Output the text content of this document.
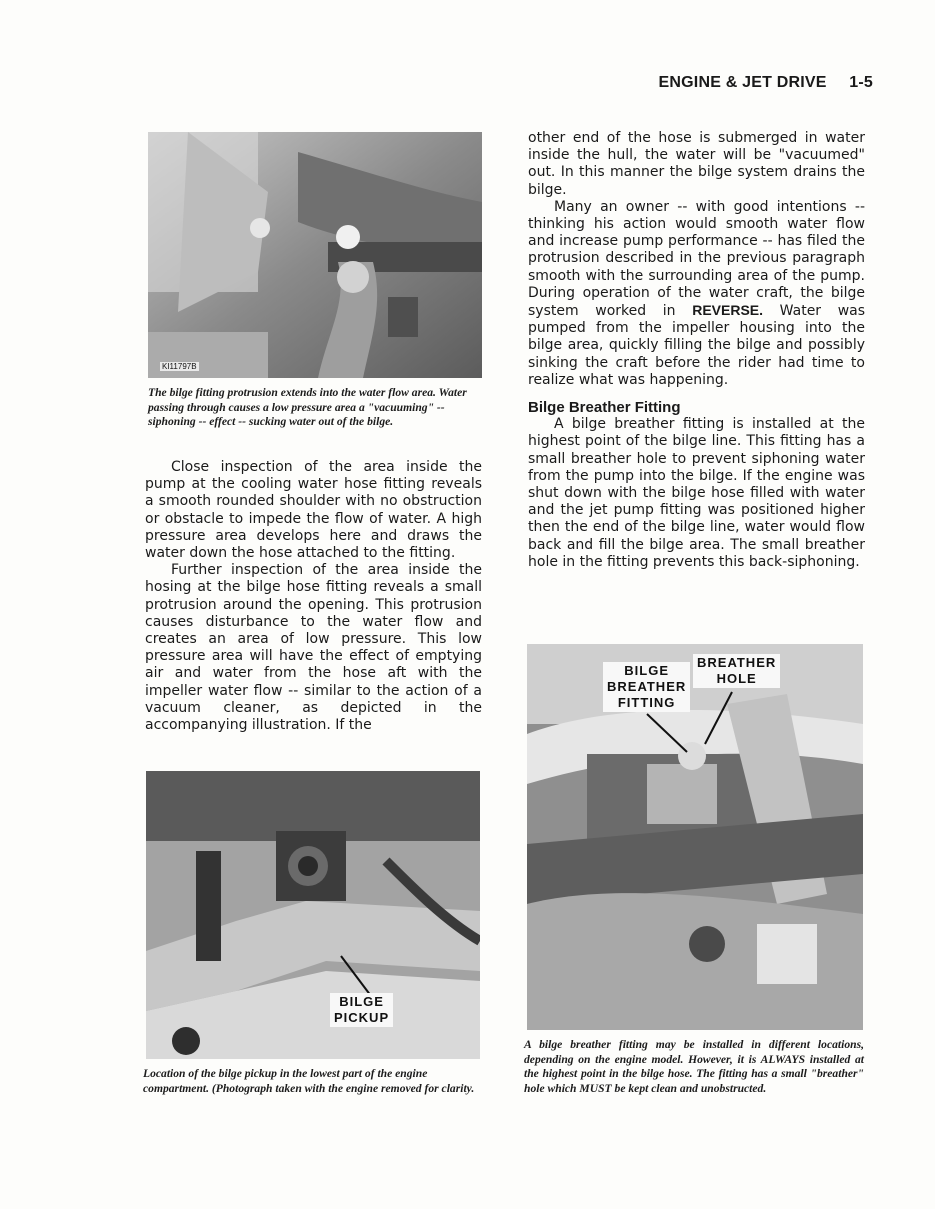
ENGINE & JET DRIVE 1-5
KI11797B
The bilge fitting protrusion extends into the water flow area. Water passing through causes a low pressure area a "vacuuming" -- siphoning -- effect -- sucking water out of the bilge.

Close inspection of the area inside the pump at the cooling water hose fitting reveals a smooth rounded shoulder with no obstruction or obstacle to impede the flow of water. A high pressure area develops here and draws the water down the hose attached to the fitting.

Further inspection of the area inside the hosing at the bilge hose fitting reveals a small protrusion around the opening. This protrusion causes disturbance to the water flow and creates an area of low pressure. This low pressure area will have the effect of emptying air and water from the hose aft with the impeller water flow -- similar to the action of a vacuum cleaner, as depicted in the accompanying illustration. If the

BILGE
PICKUP
Location of the bilge pickup in the lowest part of the engine compartment. (Photograph taken with the engine removed for clarity.

other end of the hose is submerged in water inside the hull, the water will be "vacuumed" out. In this manner the bilge system drains the bilge.

Many an owner -- with good intentions -- thinking his action would smooth water flow and increase pump performance -- has filed the protrusion described in the previous paragraph smooth with the surrounding area of the pump. During operation of the water craft, the bilge system worked in REVERSE. Water was pumped from the impeller housing into the bilge area, quickly filling the bilge and possibly sinking the craft before the rider had time to realize what was happening.

Bilge Breather Fitting

A bilge breather fitting is installed at the highest point of the bilge line. This fitting has a small breather hole to prevent siphoning water from the pump into the bilge. If the engine was shut down with the bilge hose filled with water and the jet pump fitting was positioned higher then the end of the bilge line, water would flow back and fill the bilge area. The small breather hole in the fitting prevents this back-siphoning.

BILGE
BREATHER
FITTING
BREATHER
HOLE
A bilge breather fitting may be installed in different locations, depending on the engine model. However, it is ALWAYS installed at the highest point in the bilge hose. The fitting has a small "breather" hole which MUST be kept clean and unobstructed.
